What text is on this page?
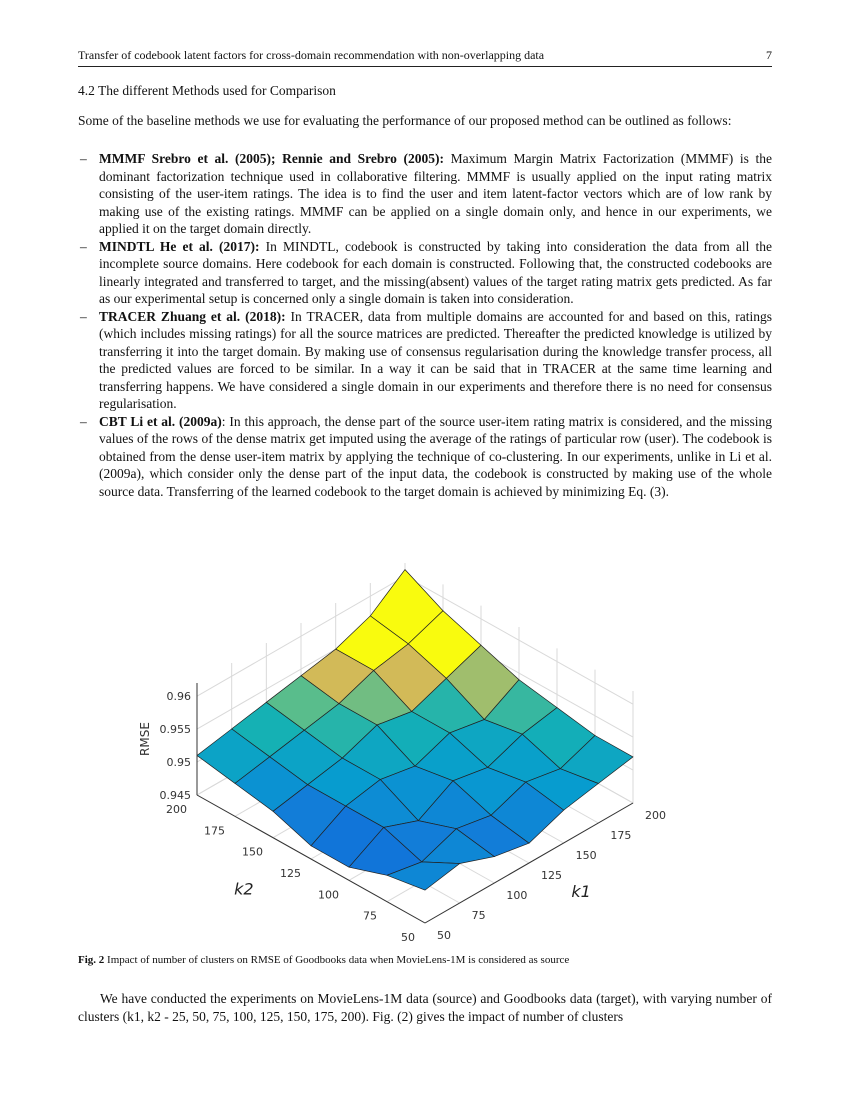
Transfer of codebook latent factors for cross-domain recommendation with non-overlapping data	7
4.2 The different Methods used for Comparison
Some of the baseline methods we use for evaluating the performance of our proposed method can be outlined as follows:
– MMMF Srebro et al. (2005); Rennie and Srebro (2005): Maximum Margin Matrix Factorization (MMMF) is the dominant factorization technique used in collaborative filtering. MMMF is usually applied on the input rating matrix consisting of the user-item ratings. The idea is to find the user and item latent-factor vectors which are of low rank by making use of the existing ratings. MMMF can be applied on a single domain only, and hence in our experiments, we applied it on the target domain directly.
– MINDTL He et al. (2017): In MINDTL, codebook is constructed by taking into consideration the data from all the incomplete source domains. Here codebook for each domain is constructed. Following that, the constructed codebooks are linearly integrated and transferred to target, and the missing(absent) values of the target rating matrix gets predicted. As far as our experimental setup is concerned only a single domain is taken into consideration.
– TRACER Zhuang et al. (2018): In TRACER, data from multiple domains are accounted for and based on this, ratings (which includes missing ratings) for all the source matrices are predicted. Thereafter the predicted knowledge is utilized by transferring it into the target domain. By making use of consensus regularisation during the knowledge transfer process, all the predicted values are forced to be similar. In a way it can be said that in TRACER at the same time learning and transferring happens. We have considered a single domain in our experiments and therefore there is no need for consensus regularisation.
– CBT Li et al. (2009a): In this approach, the dense part of the source user-item rating matrix is considered, and the missing values of the rows of the dense matrix get imputed using the average of the ratings of particular row (user). The codebook is obtained from the dense user-item matrix by applying the technique of co-clustering. In our experiments, unlike in Li et al. (2009a), which consider only the dense part of the input data, the codebook is constructed by making use of the whole source data. Transferring of the learned codebook to the target domain is achieved by minimizing Eq. (3).
50
75
100
125
150
175
200
50
75
100
125
150
175
200
0.945
0.95
0.955
0.96
RMSE
k1
k2
Fig. 2 Impact of number of clusters on RMSE of Goodbooks data when MovieLens-1M is considered as source
We have conducted the experiments on MovieLens-1M data (source) and Goodbooks data (target), with varying number of clusters (k1, k2 - 25, 50, 75, 100, 125, 150, 175, 200). Fig. (2) gives the impact of number of clusters
